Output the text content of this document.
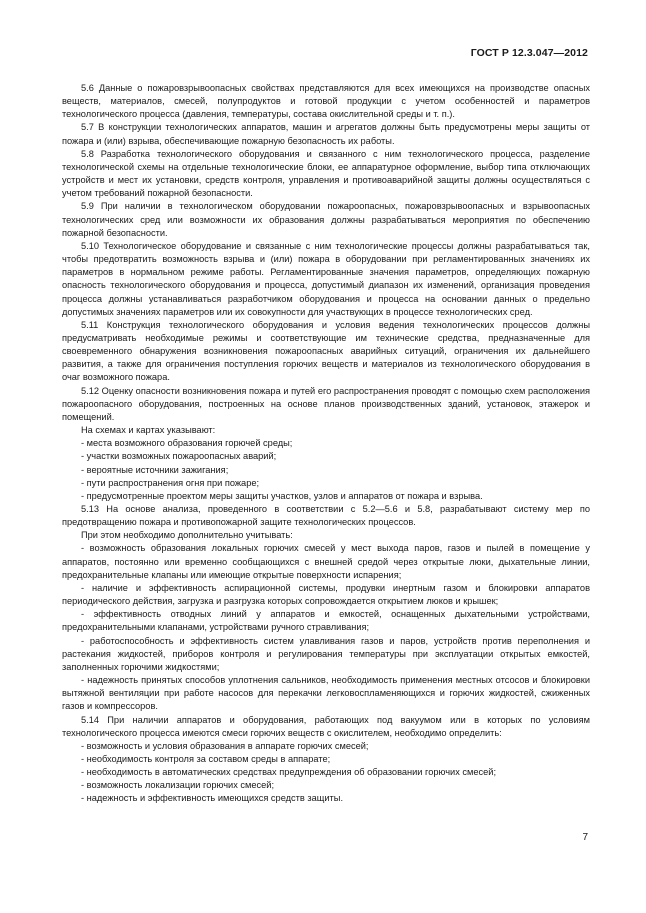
ГОСТ Р 12.3.047—2012

5.6 Данные о пожаровзрывоопасных свойствах представляются для всех имеющихся на производстве опасных веществ, материалов, смесей, полупродуктов и готовой продукции с учетом особенностей и параметров технологического процесса (давления, температуры, состава окислительной среды и т. п.).

5.7 В конструкции технологических аппаратов, машин и агрегатов должны быть предусмотрены меры защиты от пожара и (или) взрыва, обеспечивающие пожарную безопасность их работы.

5.8 Разработка технологического оборудования и связанного с ним технологического процесса, разделение технологической схемы на отдельные технологические блоки, ее аппаратурное оформление, выбор типа отключающих устройств и мест их установки, средств контроля, управления и противоаварийной защиты должны осуществляться с учетом требований пожарной безопасности.

5.9 При наличии в технологическом оборудовании пожароопасных, пожаровзрывоопасных и взрывоопасных технологических сред или возможности их образования должны разрабатываться мероприятия по обеспечению пожарной безопасности.

5.10 Технологическое оборудование и связанные с ним технологические процессы должны разрабатываться так, чтобы предотвратить возможность взрыва и (или) пожара в оборудовании при регламентированных значениях их параметров в нормальном режиме работы. Регламентированные значения параметров, определяющих пожарную опасность технологического оборудования и процесса, допустимый диапазон их изменений, организация проведения процесса должны устанавливаться разработчиком оборудования и процесса на основании данных о предельно допустимых значениях параметров или их совокупности для участвующих в процессе технологических сред.

5.11 Конструкция технологического оборудования и условия ведения технологических процессов должны предусматривать необходимые режимы и соответствующие им технические средства, предназначенные для своевременного обнаружения возникновения пожароопасных аварийных ситуаций, ограничения их дальнейшего развития, а также для ограничения поступления горючих веществ и материалов из технологического оборудования в очаг возможного пожара.

5.12 Оценку опасности возникновения пожара и путей его распространения проводят с помощью схем расположения пожароопасного оборудования, построенных на основе планов производственных зданий, установок, этажерок и помещений.

На схемах и картах указывают:

- места возможного образования горючей среды;

- участки возможных пожароопасных аварий;

- вероятные источники зажигания;

- пути распространения огня при пожаре;

- предусмотренные проектом меры защиты участков, узлов и аппаратов от пожара и взрыва.

5.13 На основе анализа, проведенного в соответствии с 5.2—5.6 и 5.8, разрабатывают систему мер по предотвращению пожара и противопожарной защите технологических процессов.

При этом необходимо дополнительно учитывать:

- возможность образования локальных горючих смесей у мест выхода паров, газов и пылей в помещение у аппаратов, постоянно или временно сообщающихся с внешней средой через открытые люки, дыхательные линии, предохранительные клапаны или имеющие открытые поверхности испарения;

- наличие и эффективность аспирационной системы, продувки инертным газом и блокировки аппаратов периодического действия, загрузка и разгрузка которых сопровождается открытием люков и крышек;

- эффективность отводных линий у аппаратов и емкостей, оснащенных дыхательными устройствами, предохранительными клапанами, устройствами ручного стравливания;

- работоспособность и эффективность систем улавливания газов и паров, устройств против переполнения и растекания жидкостей, приборов контроля и регулирования температуры при эксплуатации открытых емкостей, заполненных горючими жидкостями;

- надежность принятых способов уплотнения сальников, необходимость применения местных отсосов и блокировки вытяжной вентиляции при работе насосов для перекачки легковоспламеняющихся и горючих жидкостей, сжиженных газов и компрессоров.

5.14 При наличии аппаратов и оборудования, работающих под вакуумом или в которых по условиям технологического процесса имеются смеси горючих веществ с окислителем, необходимо определить:

- возможность и условия образования в аппарате горючих смесей;

- необходимость контроля за составом среды в аппарате;

- необходимость в автоматических средствах предупреждения об образовании горючих смесей;

- возможность локализации горючих смесей;

- надежность и эффективность имеющихся средств защиты.

7
